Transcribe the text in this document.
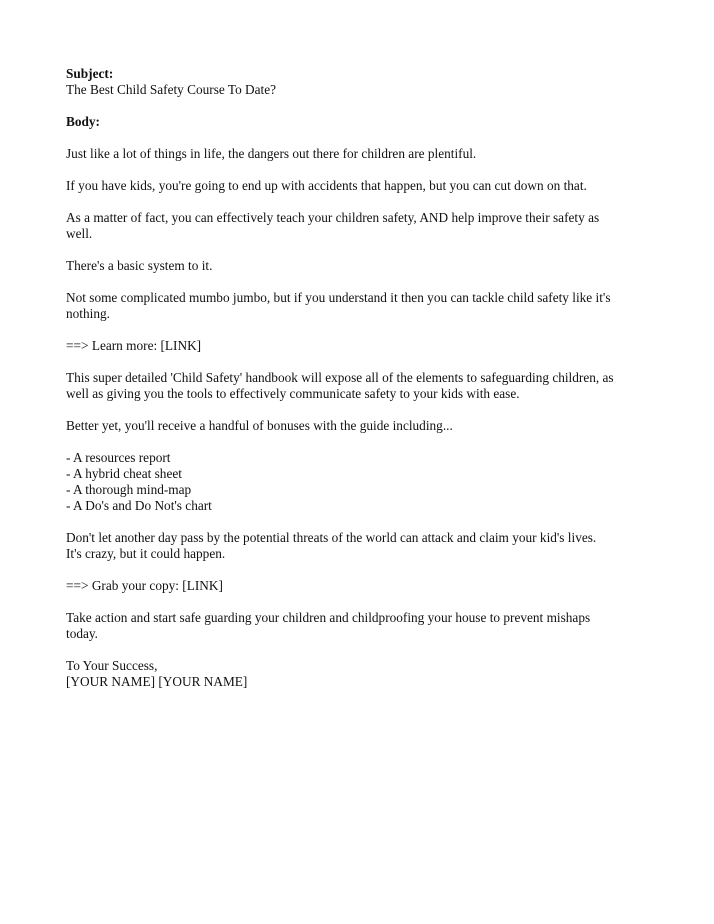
Subject:
The Best Child Safety Course To Date?
Body:

Just like a lot of things in life, the dangers out there for children are plentiful.

If you have kids, you're going to end up with accidents that happen, but you can cut down on that.

As a matter of fact, you can effectively teach your children safety, AND help improve their safety as
well.

There's a basic system to it.

Not some complicated mumbo jumbo, but if you understand it then you can tackle child safety like it's
nothing.

==> Learn more: [LINK]

This super detailed 'Child Safety' handbook will expose all of the elements to safeguarding children, as
well as giving you the tools to effectively communicate safety to your kids with ease.

Better yet, you'll receive a handful of bonuses with the guide including...

- A resources report
- A hybrid cheat sheet
- A thorough mind-map
- A Do's and Do Not's chart

Don't let another day pass by the potential threats of the world can attack and claim your kid's lives.
It's crazy, but it could happen.

==> Grab your copy: [LINK]

Take action and start safe guarding your children and childproofing your house to prevent mishaps
today.

To Your Success,
[YOUR NAME] [YOUR NAME]
